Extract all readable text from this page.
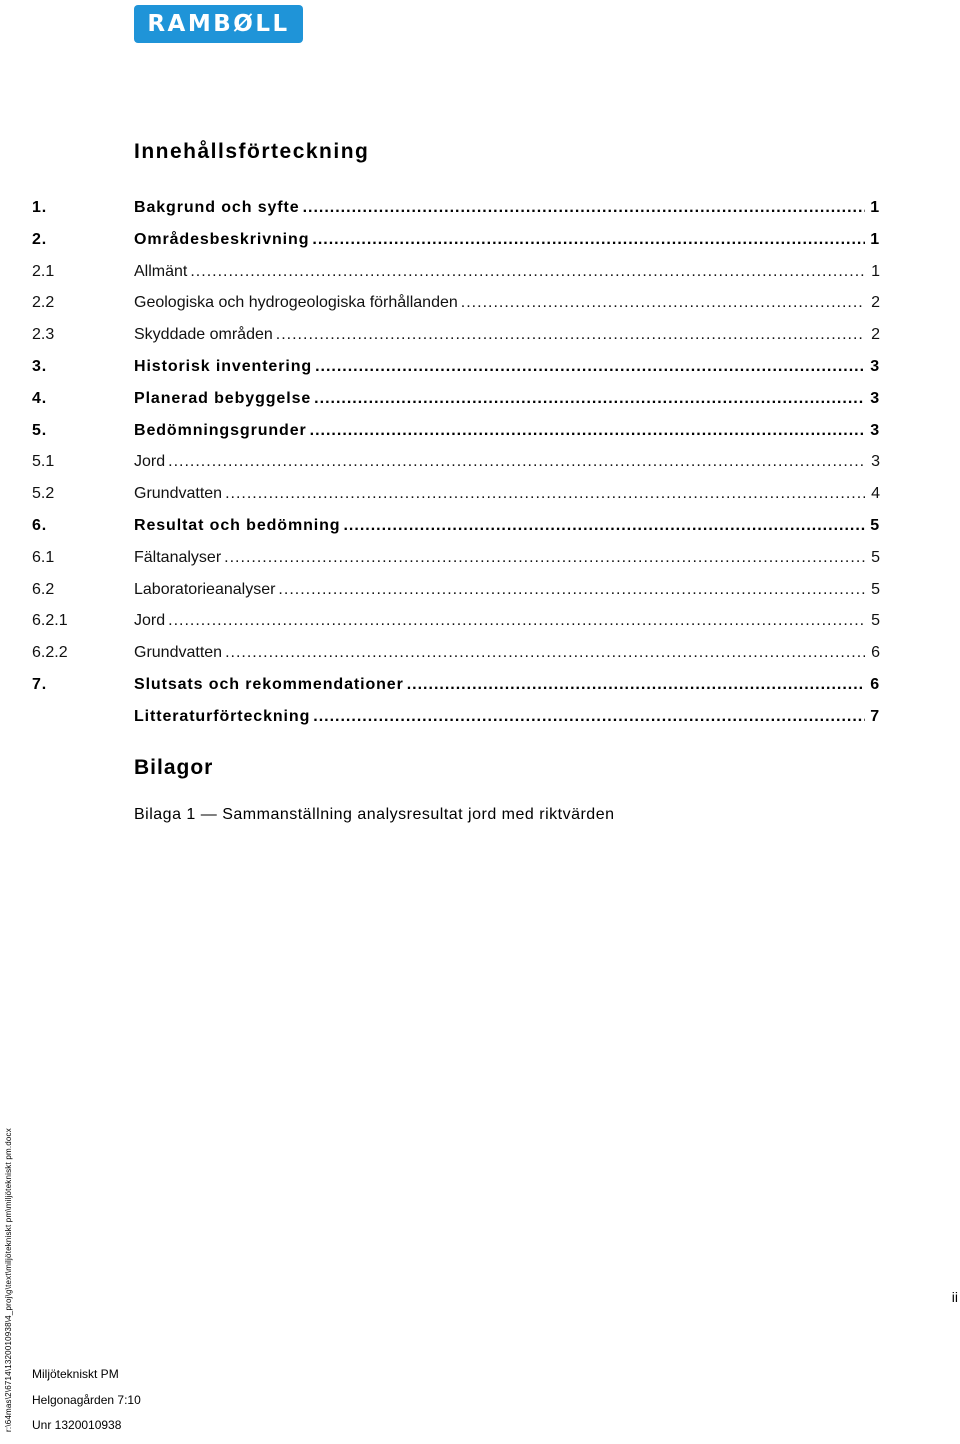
RAMBØLL
Innehållsförteckning
1.	Bakgrund och syfte .....	1
2.	Områdesbeskrivning .....	1
2.1	Allmänt .....	1
2.2	Geologiska och hydrogeologiska förhållanden .....	2
2.3	Skyddade områden .....	2
3.	Historisk inventering .....	3
4.	Planerad bebyggelse .....	3
5.	Bedömningsgrunder .....	3
5.1	Jord .....	3
5.2	Grundvatten .....	4
6.	Resultat och bedömning .....	5
6.1	Fältanalyser .....	5
6.2	Laboratorieanalyser .....	5
6.2.1	Jord .....	5
6.2.2	Grundvatten .....	6
7.	Slutsats och rekommendationer .....	6
Litteraturförteckning .....	7
Bilagor
Bilaga 1 — Sammanställning analysresultat jord med riktvärden
r:\64mas\2\6714\1320010938\4_proj\g\text\miljötekniskt pm\miljötekniskt pm.docx	ii
Miljötekniskt PM
Helgonagården 7:10
Unr 1320010938
